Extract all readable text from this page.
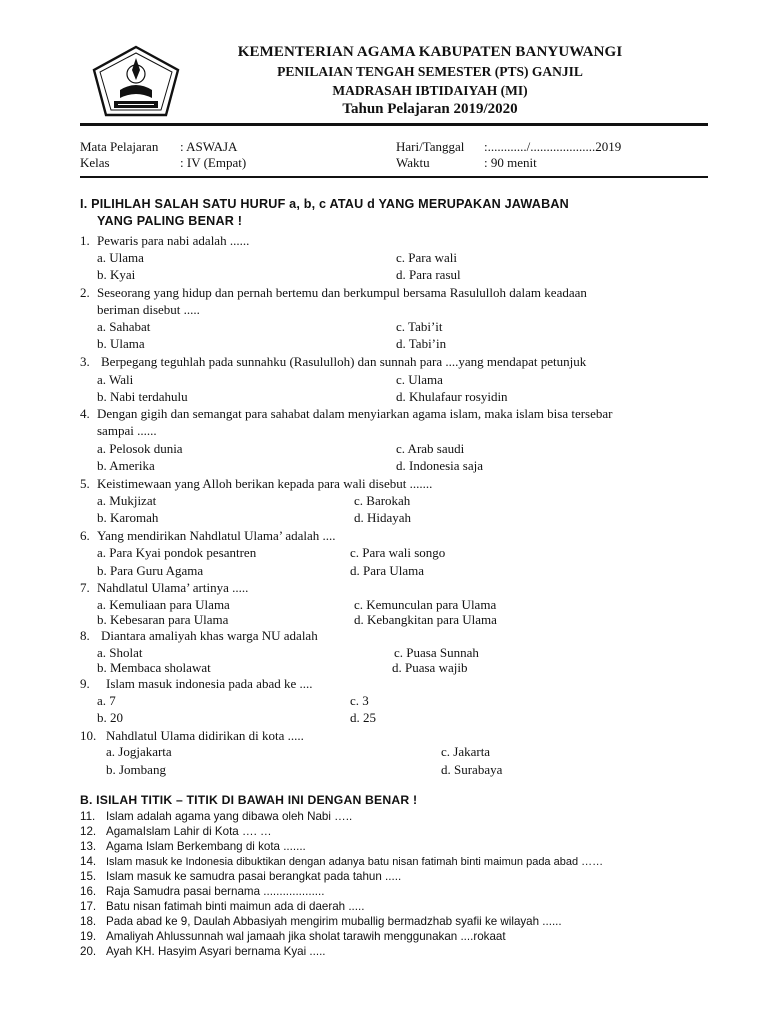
KEMENTERIAN AGAMA KABUPATEN BANYUWANGI
PENILAIAN TENGAH SEMESTER (PTS) GANJIL
MADRASAH IBTIDAIYAH (MI)
Tahun Pelajaran 2019/2020
Mata Pelajaran : ASWAJA	Hari/Tanggal :............/....................2019
Kelas	: IV (Empat)	Waktu	: 90 menit
I. PILIHLAH SALAH SATU HURUF a, b, c ATAU d YANG MERUPAKAN JAWABAN
YANG PALING BENAR !
1. Pewaris para nabi adalah ......
a. Ulama	c. Para wali
b. Kyai	d. Para rasul
2. Seseorang yang hidup dan pernah bertemu dan berkumpul bersama Rasululloh dalam keadaan
beriman disebut .....
a. Sahabat	c. Tabi’it
b. Ulama	d. Tabi’in
3. Berpegang teguhlah pada sunnahku (Rasululloh) dan sunnah para ....yang mendapat petunjuk
a. Wali	c. Ulama
b. Nabi terdahulu	d. Khulafaur rosyidin
4. Dengan gigih dan semangat para sahabat dalam menyiarkan agama islam, maka islam bisa tersebar
sampai ......
a. Pelosok dunia	c. Arab saudi
b. Amerika	d. Indonesia saja
5. Keistimewaan yang Alloh berikan kepada para wali disebut .......
a. Mukjizat	c. Barokah
b. Karomah	d. Hidayah
6. Yang mendirikan Nahdlatul Ulama’ adalah ....
a. Para Kyai pondok pesantren	c. Para wali songo
b. Para Guru Agama	d. Para Ulama
7. Nahdlatul Ulama’ artinya .....
a. Kemuliaan para Ulama	c. Kemunculan para Ulama
b. Kebesaran para Ulama	d. Kebangkitan para Ulama
8. Diantara amaliyah khas warga NU adalah
a. Sholat	c. Puasa Sunnah
b. Membaca sholawat	d. Puasa wajib
9. Islam masuk indonesia pada abad ke ....
a. 7	c. 3
b. 20	d. 25
10. Nahdlatul Ulama didirikan di kota .....
a. Jogjakarta	c. Jakarta
b. Jombang	d. Surabaya
B. ISILAH TITIK – TITIK DI BAWAH INI DENGAN BENAR !
11. Islam adalah agama yang dibawa oleh Nabi …..
12. AgamaIslam Lahir di Kota …. …
13. Agama Islam Berkembang di kota .......
14. Islam masuk ke Indonesia dibuktikan dengan adanya batu nisan fatimah binti maimun pada abad ……
15. Islam masuk ke samudra pasai berangkat pada tahun .....
16. Raja Samudra pasai bernama ...................
17. Batu nisan fatimah binti maimun ada di daerah .....
18. Pada abad ke 9, Daulah Abbasiyah mengirim muballig bermadzhab syafii ke wilayah ......
19. Amaliyah Ahlussunnah wal jamaah jika sholat tarawih menggunakan ....rokaat
20. Ayah KH. Hasyim Asyari bernama Kyai .....
